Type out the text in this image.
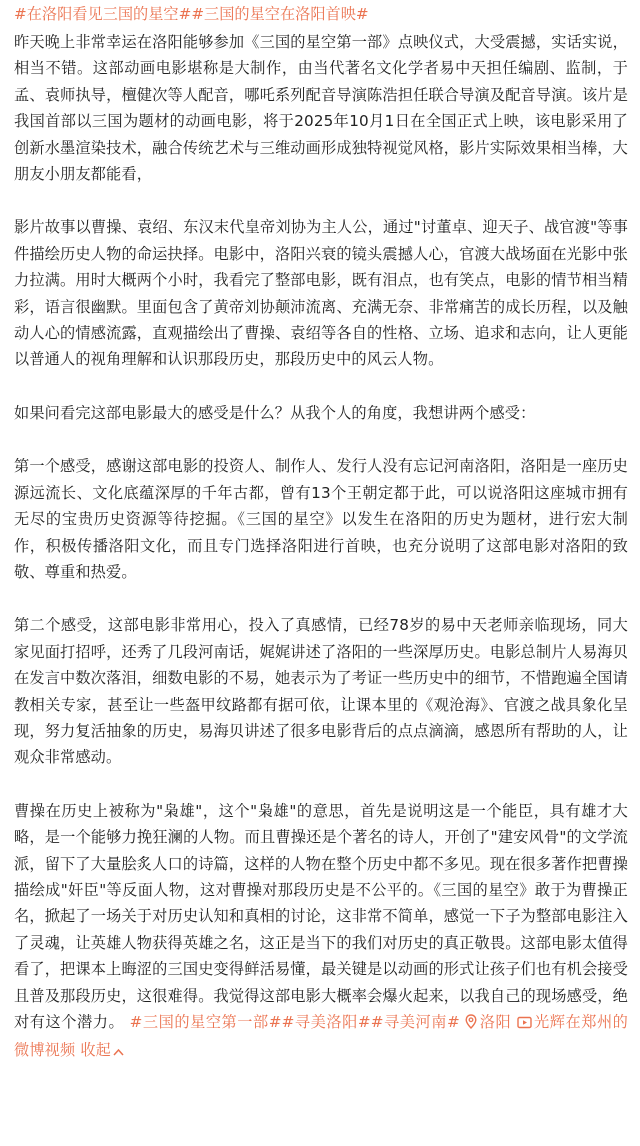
#在洛阳看见三国的星空##三国的星空在洛阳首映#

昨天晚上非常幸运在洛阳能够参加《三国的星空第一部》点映仪式，大受震撼，实话实说，相当不错。这部动画电影堪称是大制作，由当代著名文化学者易中天担任编剧、监制，于孟、袁师执导，檀健次等人配音，哪吒系列配音导演陈浩担任联合导演及配音导演。该片是我国首部以三国为题材的动画电影，将于2025年10月1日在全国正式上映，该电影采用了创新水墨渲染技术，融合传统艺术与三维动画形成独特视觉风格，影片实际效果相当棒，大朋友小朋友都能看，

影片故事以曹操、袁绍、东汉末代皇帝刘协为主人公，通过"讨董卓、迎天子、战官渡"等事件描绘历史人物的命运抉择。电影中，洛阳兴衰的镜头震撼人心，官渡大战场面在光影中张力拉满。用时大概两个小时，我看完了整部电影，既有泪点，也有笑点，电影的情节相当精彩，语言很幽默。里面包含了黄帝刘协颠沛流离、充满无奈、非常痛苦的成长历程，以及触动人心的情感流露，直观描绘出了曹操、袁绍等各自的性格、立场、追求和志向，让人更能以普通人的视角理解和认识那段历史，那段历史中的风云人物。

如果问看完这部电影最大的感受是什么？从我个人的角度，我想讲两个感受：

第一个感受，感谢这部电影的投资人、制作人、发行人没有忘记河南洛阳，洛阳是一座历史源远流长、文化底蕴深厚的千年古都，曾有13个王朝定都于此，可以说洛阳这座城市拥有无尽的宝贵历史资源等待挖掘。《三国的星空》以发生在洛阳的历史为题材，进行宏大制作，积极传播洛阳文化，而且专门选择洛阳进行首映，也充分说明了这部电影对洛阳的致敬、尊重和热爱。

第二个感受，这部电影非常用心，投入了真感情，已经78岁的易中天老师亲临现场，同大家见面打招呼，还秀了几段河南话，娓娓讲述了洛阳的一些深厚历史。电影总制片人易海贝在发言中数次落泪，细数电影的不易，她表示为了考证一些历史中的细节，不惜跑遍全国请教相关专家，甚至让一些盔甲纹路都有据可依，让课本里的《观沧海》、官渡之战具象化呈现，努力复活抽象的历史，易海贝讲述了很多电影背后的点点滴滴，感恩所有帮助的人，让观众非常感动。

曹操在历史上被称为"枭雄"，这个"枭雄"的意思，首先是说明这是一个能臣，具有雄才大略，是一个能够力挽狂澜的人物。而且曹操还是个著名的诗人，开创了"建安风骨"的文学流派，留下了大量脍炙人口的诗篇，这样的人物在整个历史中都不多见。现在很多著作把曹操描绘成"奸臣"等反面人物，这对曹操对那段历史是不公平的。《三国的星空》敢于为曹操正名，掀起了一场关于对历史认知和真相的讨论，这非常不简单，感觉一下子为整部电影注入了灵魂，让英雄人物获得英雄之名，这正是当下的我们对历史的真正敬畏。这部电影太值得看了，把课本上晦涩的三国史变得鲜活易懂，最关键是以动画的形式让孩子们也有机会接受且普及那段历史，这很难得。我觉得这部电影大概率会爆火起来，以我自己的现场感受，绝对有这个潜力。 #三国的星空第一部##寻美洛阳##寻美河南# 洛阳 光辉在郑州的微博视频 收起
